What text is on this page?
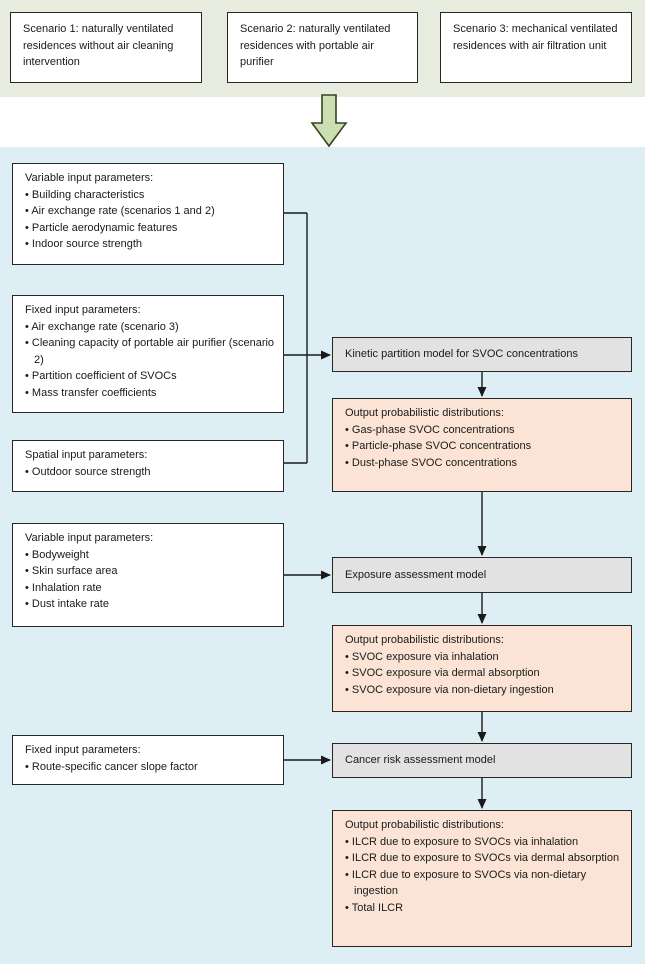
Scenario 1: naturally ventilated residences without air cleaning intervention
Scenario 2: naturally ventilated residences with portable air purifier
Scenario 3: mechanical ventilated residences with air filtration unit
Variable input parameters:
• Building characteristics
• Air exchange rate (scenarios 1 and 2)
• Particle aerodynamic features
• Indoor source strength
Fixed input parameters:
• Air exchange rate (scenario 3)
• Cleaning capacity of portable air purifier (scenario 2)
• Partition coefficient of SVOCs
• Mass transfer coefficients
Spatial input parameters:
• Outdoor source strength
Variable input parameters:
• Bodyweight
• Skin surface area
• Inhalation rate
• Dust intake rate
Fixed input parameters:
• Route-specific cancer slope factor
Kinetic partition model for SVOC concentrations
Exposure assessment model
Cancer risk assessment model
Output probabilistic distributions:
• Gas-phase SVOC concentrations
• Particle-phase SVOC concentrations
• Dust-phase SVOC concentrations
Output probabilistic distributions:
• SVOC exposure via inhalation
• SVOC exposure via dermal absorption
• SVOC exposure via non-dietary ingestion
Output probabilistic distributions:
• ILCR due to exposure to SVOCs via inhalation
• ILCR due to exposure to SVOCs via dermal absorption
• ILCR due to exposure to SVOCs via non-dietary ingestion
• Total ILCR
